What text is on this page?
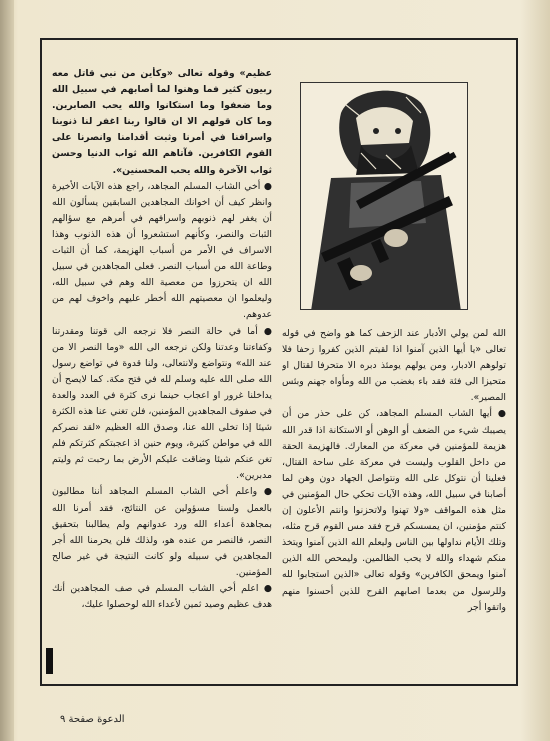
عظيم» وقوله تعالى «وكأين من نبي قاتل معه ربيون كثير فما وهنوا لما أصابهم في سبيل الله وما ضعفوا وما استكانوا والله يحب الصابرين. وما كان قولهم الا ان قالوا ربنا اغفر لنا ذنوبنا واسرافنا في أمرنا وثبت أقدامنا وانصرنا على القوم الكافرين. فآتاهم الله ثواب الدنيا وحسن ثواب الآخرة والله يحب المحسنين».

● أخي الشاب المسلم المجاهد، راجع هذه الآيات الأخيرة وانظر كيف أن اخوانك المجاهدين السابقين يسألون الله أن يغفر لهم ذنوبهم واسرافهم في أمرهم مع سؤالهم الثبات والنصر، وكأنهم استشعروا أن هذه الذنوب وهذا الاسراف في الأمر من أسباب الهزيمة، كما أن الثبات وطاعة الله من أسباب النصر. فعلى المجاهدين في سبيل الله ان يتحرزوا من معصية الله وهم في سبيل الله، وليعلموا ان معصيتهم الله أخطر عليهم واخوف لهم من عدوهم.

● أما في حالة النصر فلا نرجعه الى قوتنا ومقدرتنا وكفاءتنا وعدتنا ولكن نرجعه الى الله «وما النصر الا من عند الله» ونتواضع ولانتعالى، ولنا قدوة في تواضع رسول الله صلى الله عليه وسلم لله في فتح مكة. كما لايصح أن يداخلنا غرور او اعجاب حينما نرى كثرة في العدد والعدة في صفوف المجاهدين المؤمنين، فلن تغني عنا هذه الكثرة شيئا إذا تخلى الله عنا، وصدق الله العظيم «لقد نصركم الله في مواطن كثيرة، ويوم حنين اذ اعجبتكم كثرتكم فلم تغن عنكم شيئا وضاقت عليكم الأرض بما رحبت ثم وليتم مدبرين».

● واعلم أخي الشاب المسلم المجاهد أننا مطالبون بالعمل ولسنا مسؤولين عن النتائج، فقد أمرنا الله بمجاهدة أعداء الله ورد عدوانهم ولم يطالبنا بتحقيق النصر، فالنصر من عنده هو، ولذلك فلن يحرمنا الله أجر المجاهدين في سبيله ولو كانت النتيجة في غير صالح المؤمنين.

● اعلم أخي الشاب المسلم في صف المجاهدين أنك هدف عظيم وصيد ثمين لأعداء الله لوحصلوا عليك،

الله لمن يولي الأدبار عند الزحف كما هو واضح في قوله تعالى «يا أيها الذين آمنوا اذا لقيتم الذين كفروا زحفا فلا تولوهم الادبار، ومن يولهم يومئذ دبره الا متحرفا لقتال او متحيزا الى فئة فقد باء بغضب من الله ومأواه جهنم وبئس المصير».

● أيها الشاب المسلم المجاهد، كن على حذر من أن يصيبك شيء من الضعف أو الوهن أو الاستكانة اذا قدر الله هزيمة للمؤمنين في معركة من المعارك. فالهزيمة الحقة من داخل القلوب وليست في معركة على ساحة القتال، فعلينا أن نتوكل على الله ونتواصل الجهاد دون وهن لما أصابنا في سبيل الله، وهذه الآيات تحكي حال المؤمنين في مثل هذه المواقف «ولا تهنوا ولاتحزنوا وانتم الأعلون إن كنتم مؤمنين، ان يمسسكم قرح فقد مس القوم قرح مثله، وتلك الأيام نداولها بين الناس وليعلم الله الذين آمنوا ويتخذ منكم شهداء والله لا يحب الظالمين. وليمحص الله الذين آمنوا ويمحق الكافرين» وقوله تعالى «الذين استجابوا لله وللرسول من بعدما اصابهم القرح للذين أحسنوا منهم واتقوا أجر

الدعوة صفحة ٩
